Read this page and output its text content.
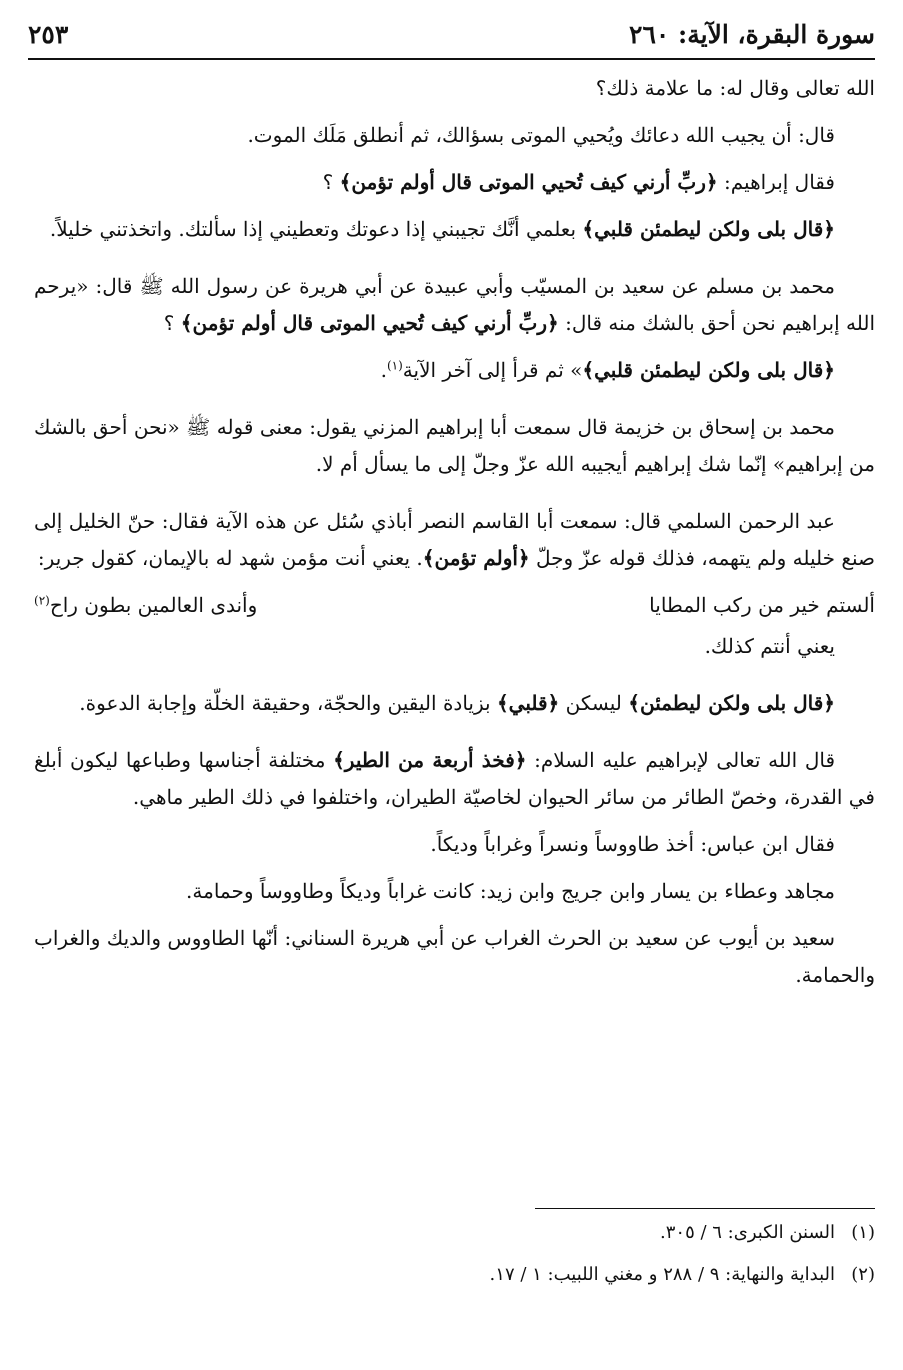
سورة البقرة، الآية: ٢٦٠
٢٥٣

الله تعالى وقال له: ما علامة ذلك؟

قال: أن يجيب الله دعائك ويُحيي الموتى بسؤالك، ثم أنطلق مَلَك الموت.

فقال إبراهيم: ﴿ربِّ أرني كيف تُحيي الموتى قال أولم تؤمن﴾ ؟

﴿قال بلى ولكن ليطمئن قلبي﴾ بعلمي أنَّك تجيبني إذا دعوتك وتعطيني إذا سألتك. واتخذتني خليلاً.

محمد بن مسلم عن سعيد بن المسيّب وأبي عبيدة عن أبي هريرة عن رسول الله ﷺ قال: «يرحم الله إبراهيم نحن أحق بالشك منه قال: ﴿ربِّ أرني كيف تُحيي الموتى قال أولم تؤمن﴾ ؟

﴿قال بلى ولكن ليطمئن قلبي﴾» ثم قرأ إلى آخر الآية$^{(١)}$.

محمد بن إسحاق بن خزيمة قال سمعت أبا إبراهيم المزني يقول: معنى قوله ﷺ «نحن أحق بالشك من إبراهيم» إنّما شك إبراهيم أيجيبه الله عزّ وجلّ إلى ما يسأل أم لا.

عبد الرحمن السلمي قال: سمعت أبا القاسم النصر أباذي سُئل عن هذه الآية فقال: حنّ الخليل إلى صنع خليله ولم يتهمه، فذلك قوله عزّ وجلّ ﴿أولم تؤمن﴾. يعني أنت مؤمن شهد له بالإيمان، كقول جرير:

ألستم خير من ركب المطايا
وأندى العالمين بطون راح$^{(٢)}$

يعني أنتم كذلك.

﴿قال بلى ولكن ليطمئن﴾ ليسكن ﴿قلبي﴾ بزيادة اليقين والحجّة، وحقيقة الخلّة وإجابة الدعوة.

قال الله تعالى لإبراهيم عليه السلام: ﴿فخذ أربعة من الطير﴾ مختلفة أجناسها وطباعها ليكون أبلغ في القدرة، وخصّ الطائر من سائر الحيوان لخاصيّة الطيران، واختلفوا في ذلك الطير ماهي.

فقال ابن عباس: أخذ طاووساً ونسراً وغراباً وديكاً.

مجاهد وعطاء بن يسار وابن جريج وابن زيد: كانت غراباً وديكاً وطاووساً وحمامة.

سعيد بن أيوب عن سعيد بن الحرث الغراب عن أبي هريرة السناني: أنّها الطاووس والديك والغراب والحمامة.

(١)السنن الكبرى: ٦ / ٣٠٥.

(٢)البداية والنهاية: ٩ / ٢٨٨ و مغني اللبيب: ١ / ١٧.
